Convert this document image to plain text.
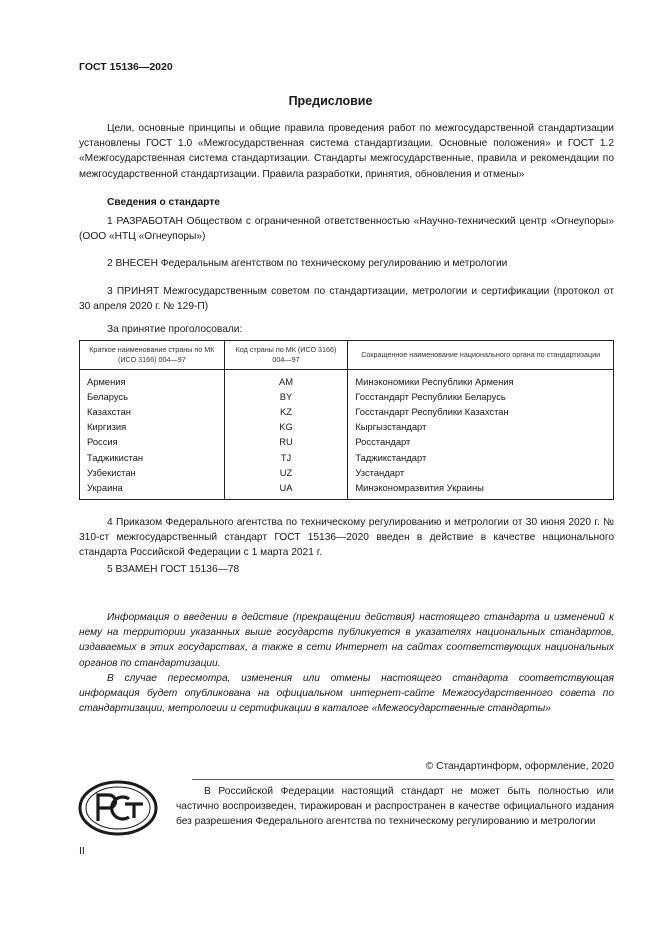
ГОСТ 15136—2020
Предисловие

Цели, основные принципы и общие правила проведения работ по межгосударственной стандартизации установлены ГОСТ 1.0 «Межгосударственная система стандартизации. Основные положения» и ГОСТ 1.2 «Межгосударственная система стандартизации. Стандарты межгосударственные, правила и рекомендации по межгосударственной стандартизации. Правила разработки, принятия, обновления и отмены»

Сведения о стандарте

1 РАЗРАБОТАН Обществом с ограниченной ответственностью «Научно-технический центр «Огнеупоры» (ООО «НТЦ «Огнеупоры»)

2 ВНЕСЕН Федеральным агентством по техническому регулированию и метрологии

3 ПРИНЯТ Межгосударственным советом по стандартизации, метрологии и сертификации (протокол от 30 апреля 2020 г. № 129-П)

За принятие проголосовали:

Краткое наименование страны по МК (ИСО 3166) 004—97	Код страны по МК (ИСО 3166) 004—97	Сокращенное наименование национального органа по стандартизации
Армения	AM	Минэкономики Республики Армения
Беларусь	BY	Госстандарт Республики Беларусь
Казахстан	KZ	Госстандарт Республики Казахстан
Киргизия	KG	Кыргызстандарт
Россия	RU	Росстандарт
Таджикистан	TJ	Таджикстандарт
Узбекистан	UZ	Узстандарт
Украина	UA	Минэкономразвития Украины

4 Приказом Федерального агентства по техническому регулированию и метрологии от 30 июня 2020 г. № 310-ст межгосударственный стандарт ГОСТ 15136—2020 введен в действие в качестве национального стандарта Российской Федерации с 1 марта 2021 г.

5 ВЗАМЕН ГОСТ 15136—78

Информация о введении в действие (прекращении действия) настоящего стандарта и изменений к нему на территории указанных выше государств публикуется в указателях национальных стандартов, издаваемых в этих государствах, а также в сети Интернет на сайтах соответствующих национальных органов по стандартизации.

В случае пересмотра, изменения или отмены настоящего стандарта соответствующая информация будет опубликована на официальном интернет-сайте Межгосударственного совета по стандартизации, метрологии и сертификации в каталоге «Межгосударственные стандарты»

© Стандартинформ, оформление, 2020

В Российской Федерации настоящий стандарт не может быть полностью или частично воспроизведен, тиражирован и распространен в качестве официального издания без разрешения Федерального агентства по техническому регулированию и метрологии

II
